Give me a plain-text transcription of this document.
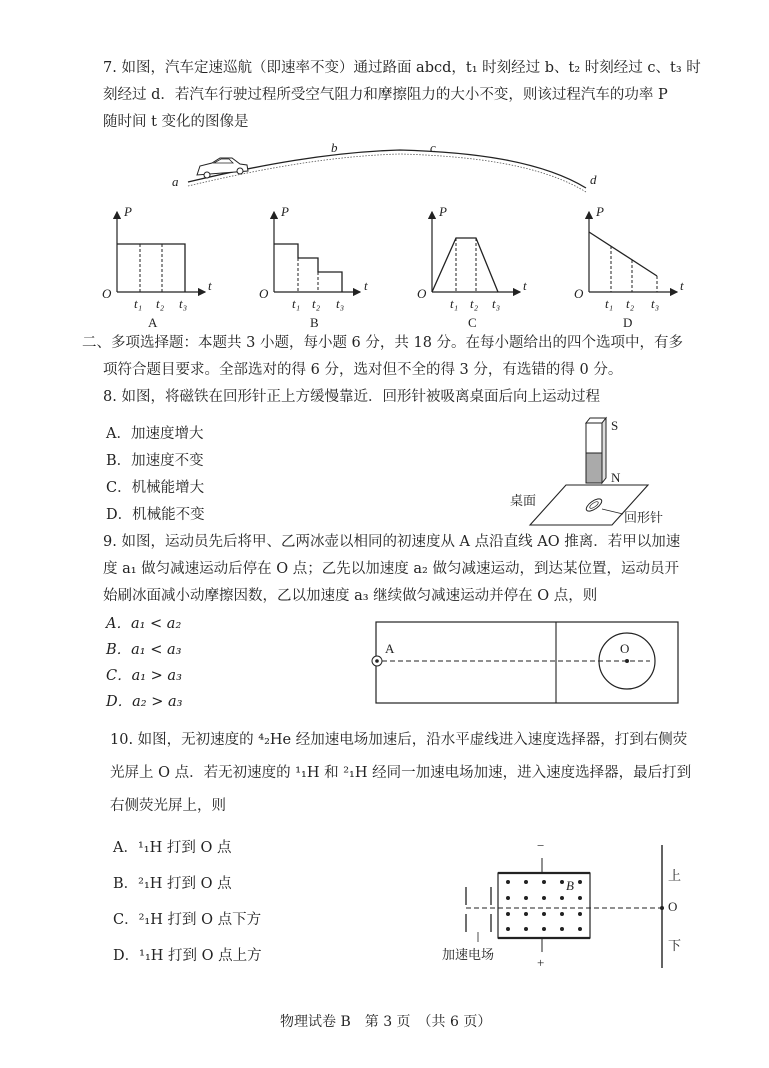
7. 如图，汽车定速巡航（即速率不变）通过路面 abcd，t₁ 时刻经过 b、t₂ 时刻经过 c、t₃ 时
刻经过 d．若汽车行驶过程所受空气阻力和摩擦阻力的大小不变，则该过程汽车的功率 P
随时间 t 变化的图像是
a
b	c
d
P
t
O
t₁ t₂ t₃
A
P
t
O
t₁ t₂ t₃
B
P
t
O
t₁ t₂ t₃
C
P
t
O
t₁ t₂ t₃
D
二、多项选择题：本题共 3 小题，每小题 6 分，共 18 分。在每小题给出的四个选项中，有多
项符合题目要求。全部选对的得 6 分，选对但不全的得 3 分，有选错的得 0 分。
8. 如图，将磁铁在回形针正上方缓慢靠近．回形针被吸离桌面后向上运动过程
A．加速度增大
B．加速度不变
C．机械能增大
D．机械能不变
S
N
桌面
回形针
9. 如图，运动员先后将甲、乙两冰壶以相同的初速度从 A 点沿直线 AO 推离．若甲以加速
度 a₁ 做匀减速运动后停在 O 点；乙先以加速度 a₂ 做匀减速运动，到达某位置，运动员开
始刷冰面减小动摩擦因数，乙以加速度 a₃ 继续做匀减速运动并停在 O 点，则
A．a₁ < a₂
B．a₁ < a₃
C．a₁ > a₃
D．a₂ > a₃
A	O
10. 如图，无初速度的 ⁴₂He 经加速电场加速后，沿水平虚线进入速度选择器，打到右侧荧
光屏上 O 点．若无初速度的 ¹₁H 和 ²₁H 经同一加速电场加速，进入速度选择器，最后打到
右侧荧光屏上，则
A．¹₁H 打到 O 点
B．²₁H 打到 O 点
C．²₁H 打到 O 点下方
D．¹₁H 打到 O 点上方
B
−
+
上
O
下
加速电场
物理试卷 B　第 3 页　（共 6 页）
